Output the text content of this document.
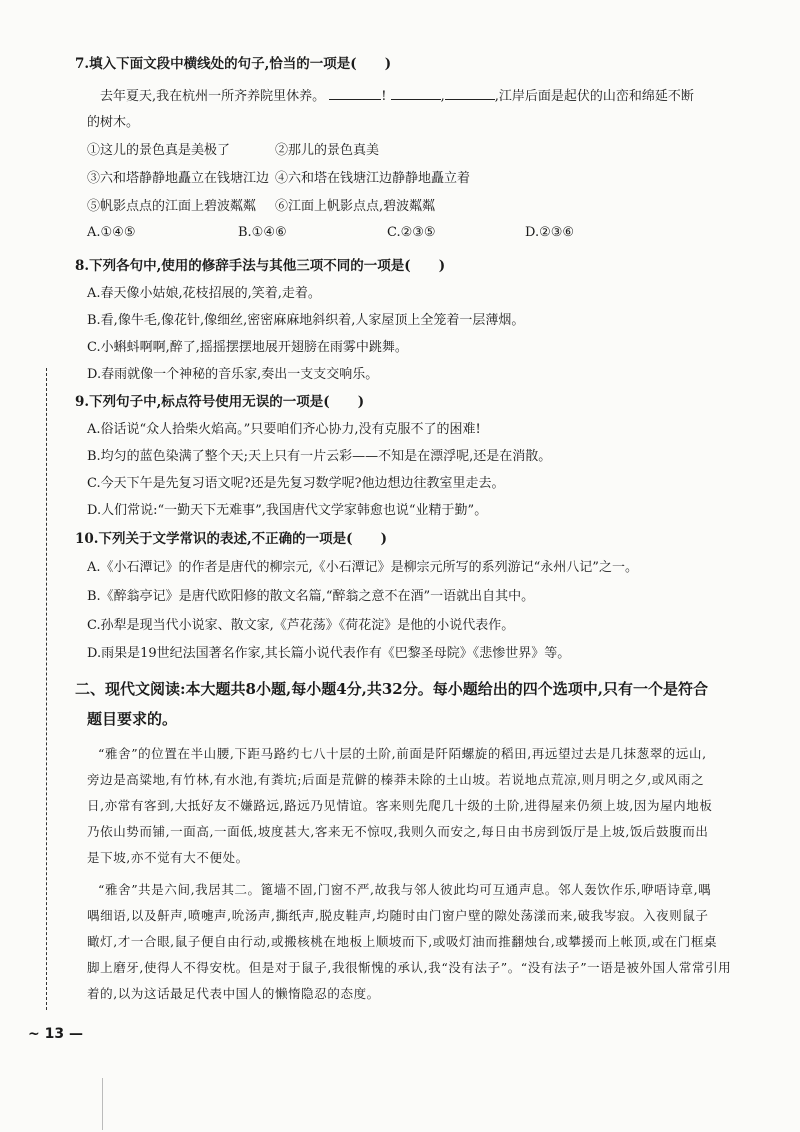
7.填入下面文段中横线处的句子,恰当的一项是( )
去年夏天,我在杭州一所齐养院里休养。	!	,	,江岸后面是起伏的山峦和绵延不断
的树木。
①这儿的景色真是美极了	②那儿的景色真美
③六和塔静静地矗立在钱塘江边 ④六和塔在钱塘江边静静地矗立着
⑤帆影点点的江面上碧波粼粼 ⑥江面上帆影点点,碧波粼粼
A.①④⑤	B.①④⑥	C.②③⑤	D.②③⑥
8.下列各句中,使用的修辞手法与其他三项不同的一项是( )
A.春天像小姑娘,花枝招展的,笑着,走着。
B.看,像牛毛,像花针,像细丝,密密麻麻地斜织着,人家屋顶上全笼着一层薄烟。
C.小蝌蚪啊啊,醉了,摇摇摆摆地展开翅膀在雨雾中跳舞。
D.春雨就像一个神秘的音乐家,奏出一支支交响乐。
9.下列句子中,标点符号使用无误的一项是( )
A.俗话说“众人拾柴火焰高。”只要咱们齐心协力,没有克服不了的困难!
B.均匀的蓝色染满了整个天;天上只有一片云彩——不知是在漂浮呢,还是在消散。
C.今天下午是先复习语文呢?还是先复习数学呢?他边想边往教室里走去。
D.人们常说:“一勤天下无难事”,我国唐代文学家韩愈也说“业精于勤”。
10.下列关于文学常识的表述,不正确的一项是( )
A.《小石潭记》的作者是唐代的柳宗元,《小石潭记》是柳宗元所写的系列游记“永州八记”之一。
B.《醉翁亭记》是唐代欧阳修的散文名篇,“醉翁之意不在酒”一语就出自其中。
C.孙犁是现当代小说家、散文家,《芦花荡》《荷花淀》是他的小说代表作。
D.雨果是19世纪法国著名作家,其长篇小说代表作有《巴黎圣母院》《悲惨世界》等。
二、现代文阅读:本大题共8小题,每小题4分,共32分。每小题给出的四个选项中,只有一个是符合
题目要求的。
“雅舍”的位置在半山腰,下距马路约七八十层的土阶,前面是阡陌螺旋的稻田,再远望过去是几抹葱翠的远山,
旁边是高粱地,有竹林,有水池,有粪坑;后面是荒僻的榛莽未除的土山坡。若说地点荒凉,则月明之夕,或风雨之
日,亦常有客到,大抵好友不嫌路远,路远乃见情谊。客来则先爬几十级的土阶,进得屋来仍须上坡,因为屋内地板
乃依山势而铺,一面高,一面低,坡度甚大,客来无不惊叹,我则久而安之,每日由书房到饭厅是上坡,饭后鼓腹而出
是下坡,亦不觉有大不便处。
“雅舍”共是六间,我居其二。篦墙不固,门窗不严,故我与邻人彼此均可互通声息。邻人轰饮作乐,咿唔诗章,喁
喁细语,以及鼾声,喷嚏声,吮汤声,撕纸声,脱皮鞋声,均随时由门窗户壁的隙处荡漾而来,破我岑寂。入夜则鼠子
瞰灯,才一合眼,鼠子便自由行动,或搬核桃在地板上顺坡而下,或吸灯油而推翻烛台,或攀援而上帐顶,或在门框桌
脚上磨牙,使得人不得安枕。但是对于鼠子,我很惭愧的承认,我“没有法子”。“没有法子”一语是被外国人常常引用
着的,以为这话最足代表中国人的懒惰隐忍的态度。
~ 13 —
